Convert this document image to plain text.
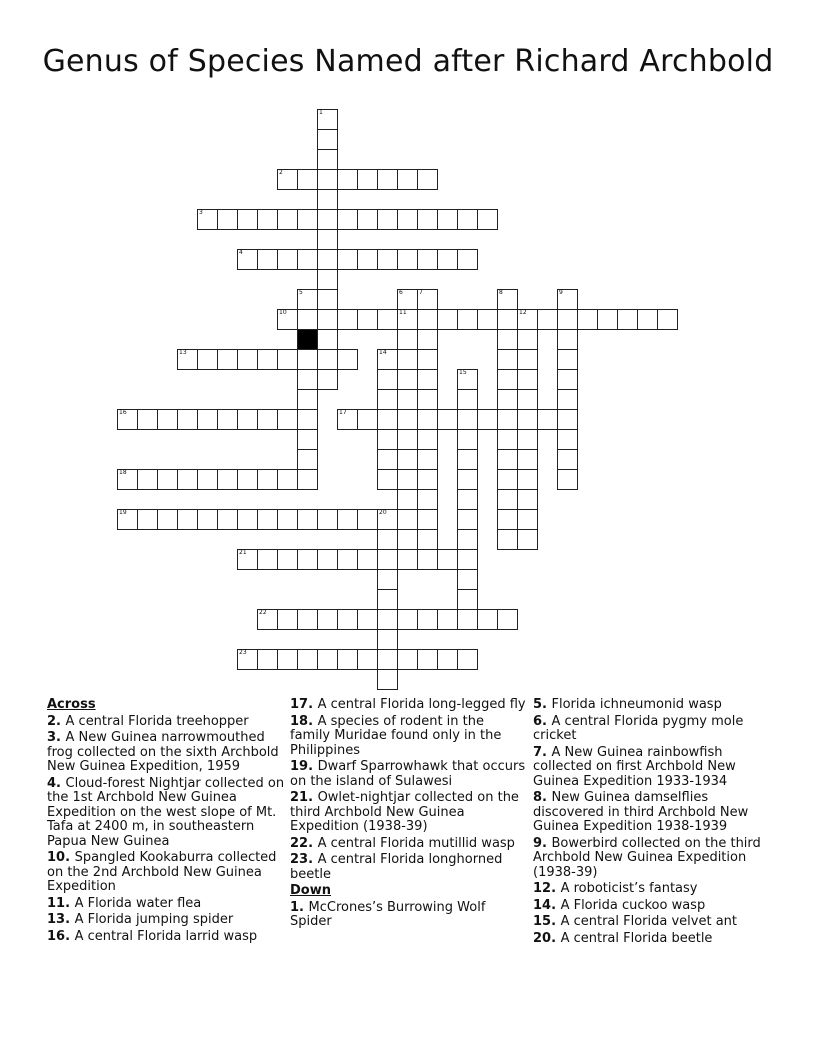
Genus of Species Named after Richard Archbold
1
2
3
4
5	6
11
7	8	9
10	12
13	14
15
16	17
18
19	20
21
22
23

Across

2. A central Florida treehopper

3. A New Guinea narrowmouthed frog collected on the sixth Archbold New Guinea Expedition, 1959

4. Cloud-forest Nightjar collected on the 1st Archbold New Guinea Expedition on the west slope of Mt. Tafa at 2400 m, in southeastern Papua New Guinea

10. Spangled Kookaburra collected on the 2nd Archbold New Guinea Expedition

11. A Florida water flea

13. A Florida jumping spider

16. A central Florida larrid wasp

17. A central Florida long-legged fly

18. A species of rodent in the family Muridae found only in the Philippines

19. Dwarf Sparrowhawk that occurs on the island of Sulawesi

21. Owlet-nightjar collected on the third Archbold New Guinea Expedition (1938-39)

22. A central Florida mutillid wasp

23. A central Florida longhorned beetle

Down

1. McCrones’s Burrowing Wolf Spider

5. Florida ichneumonid wasp

6. A central Florida pygmy mole cricket

7. A New Guinea rainbowfish collected on first Archbold New Guinea Expedition 1933-1934

8. New Guinea damselflies discovered in third Archbold New Guinea Expedition 1938-1939

9. Bowerbird collected on the third Archbold New Guinea Expedition (1938-39)

12. A roboticist’s fantasy

14. A Florida cuckoo wasp

15. A central Florida velvet ant

20. A central Florida beetle
